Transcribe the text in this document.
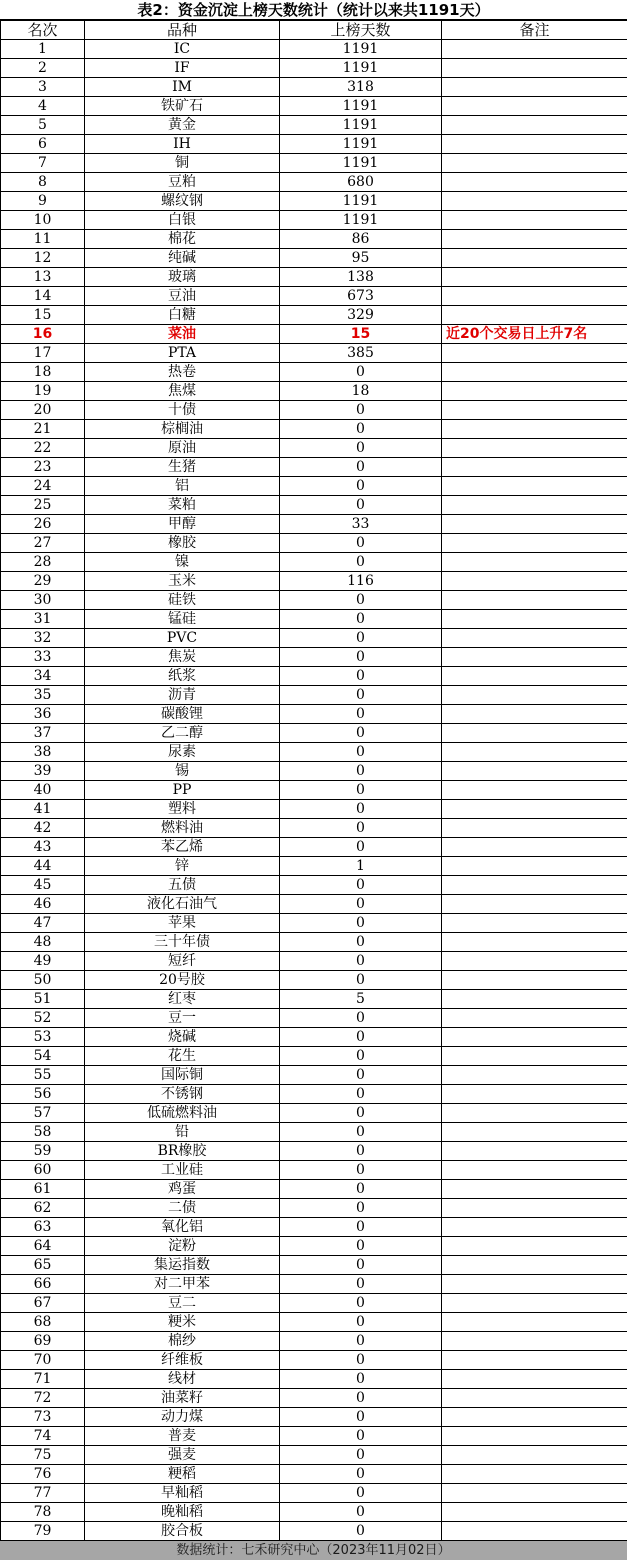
表2：资金沉淀上榜天数统计（统计以来共1191天）
名次	品种	上榜天数	备注
1	IC	1191	
2	IF	1191	
3	IM	318	
4	铁矿石	1191	
5	黄金	1191	
6	IH	1191	
7	铜	1191	
8	豆粕	680	
9	螺纹钢	1191	
10	白银	1191	
11	棉花	86	
12	纯碱	95	
13	玻璃	138	
14	豆油	673	
15	白糖	329	
16	菜油	15	近20个交易日上升7名
17	PTA	385	
18	热卷	0	
19	焦煤	18	
20	十债	0	
21	棕榈油	0	
22	原油	0	
23	生猪	0	
24	铝	0	
25	菜粕	0	
26	甲醇	33	
27	橡胶	0	
28	镍	0	
29	玉米	116	
30	硅铁	0	
31	锰硅	0	
32	PVC	0	
33	焦炭	0	
34	纸浆	0	
35	沥青	0	
36	碳酸锂	0	
37	乙二醇	0	
38	尿素	0	
39	锡	0	
40	PP	0	
41	塑料	0	
42	燃料油	0	
43	苯乙烯	0	
44	锌	1	
45	五债	0	
46	液化石油气	0	
47	苹果	0	
48	三十年债	0	
49	短纤	0	
50	20号胶	0	
51	红枣	5	
52	豆一	0	
53	烧碱	0	
54	花生	0	
55	国际铜	0	
56	不锈钢	0	
57	低硫燃料油	0	
58	铅	0	
59	BR橡胶	0	
60	工业硅	0	
61	鸡蛋	0	
62	二债	0	
63	氧化铝	0	
64	淀粉	0	
65	集运指数	0	
66	对二甲苯	0	
67	豆二	0	
68	粳米	0	
69	棉纱	0	
70	纤维板	0	
71	线材	0	
72	油菜籽	0	
73	动力煤	0	
74	普麦	0	
75	强麦	0	
76	粳稻	0	
77	早籼稻	0	
78	晚籼稻	0	
79	胶合板	0	
数据统计：七禾研究中心（2023年11月02日）
